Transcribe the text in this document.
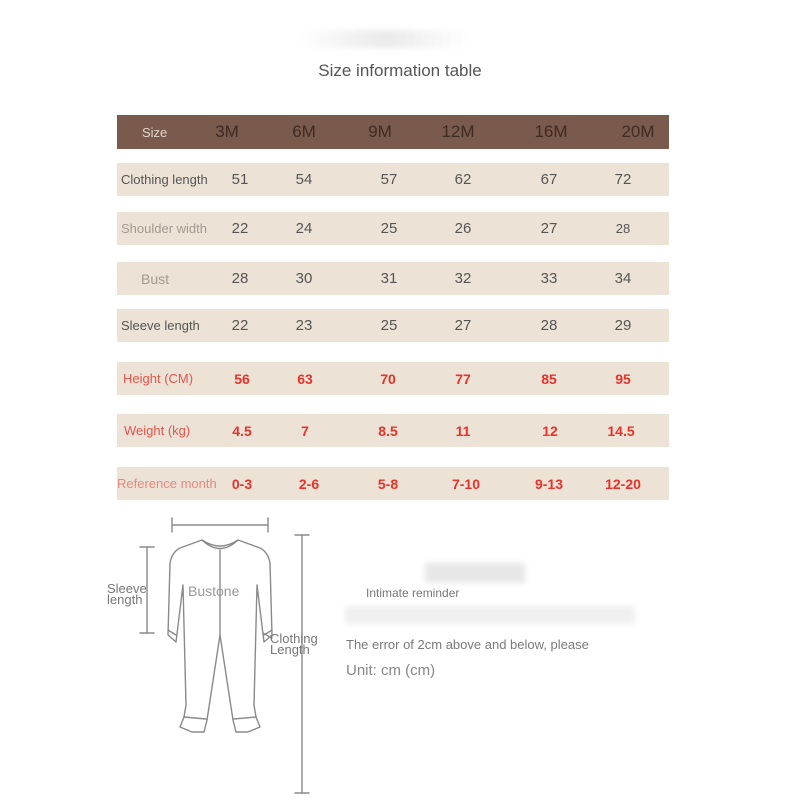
Size information table
Size	3M	6M	9M	12M	16M	20M
Clothing length	51	54	57	62	67	72
Shoulder width	22	24	25	26	27	28
Bust	28	30	31	32	33	34
Sleeve length	22	23	25	27	28	29
Height (CM)	56	63	70	77	85	95
Weight (kg)	4.5	7	8.5	11	12	14.5
Reference month	0-3	2-6	5-8	7-10	9-13	12-20
Sleeve
length
Bustone
Clothing
Length
Intimate reminder
The error of 2cm above and below, please
Unit: cm (cm)
